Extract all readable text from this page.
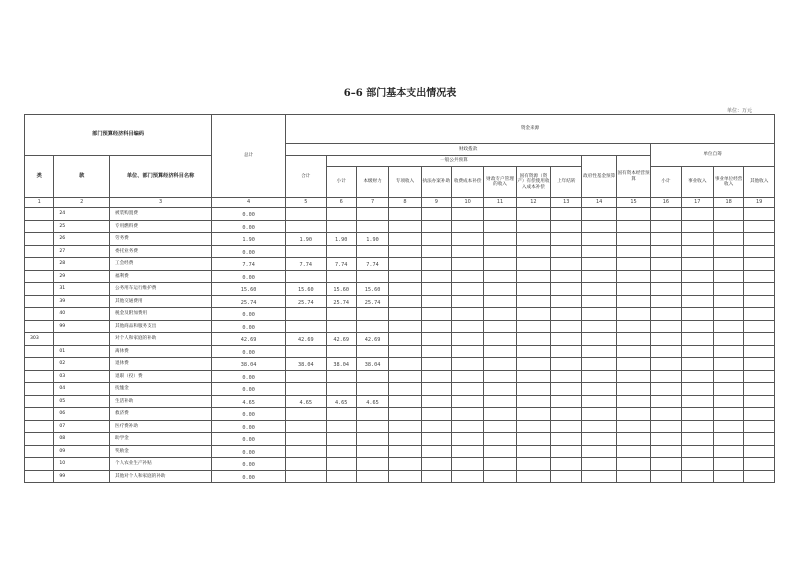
6–6 部门基本支出情况表
单位：万元
部门预算经济科目编码			总计	资金来源														
				财政拨款											单位自筹			
类	款	单位、部门预算经济科目名称		合计	一般公共预算								政府性基金预算	国有资本经营预算				
					小计	本级财力	专项收入	执法办案补助	收费成本补偿	财政专户管理的收入	国有资源（资产）有偿使用收入成本补偿	上年结转			小计	事业收入	事业单位经营收入	其他收入

1	2	3	4	5	6	7	8	9	10	11	12	13	14	15	16	17	18	19
	24	被装购置费	0.00															
	25	专用燃料费	0.00															
	26	劳务费	1.90	1.90	1.90	1.90												
	27	委托业务费	0.00															
	28	工会经费	7.74	7.74	7.74	7.74												
	29	福利费	0.00															
	31	公务用车运行维护费	15.60	15.60	15.60	15.60												
	39	其他交通费用	25.74	25.74	25.74	25.74												
	40	税金及附加费用	0.00															
	99	其他商品和服务支出	0.00															
303		对个人和家庭的补助	42.69	42.69	42.69	42.69												
	01	离休费	0.00															
	02	退休费	38.04	38.04	38.04	38.04												
	03	退职（役）费	0.00															
	04	抚恤金	0.00															
	05	生活补助	4.65	4.65	4.65	4.65												
	06	救济费	0.00															
	07	医疗费补助	0.00															
	08	助学金	0.00															
	09	奖励金	0.00															
	10	个人农业生产补贴	0.00															
	99	其他对个人和家庭的补助	0.00															
